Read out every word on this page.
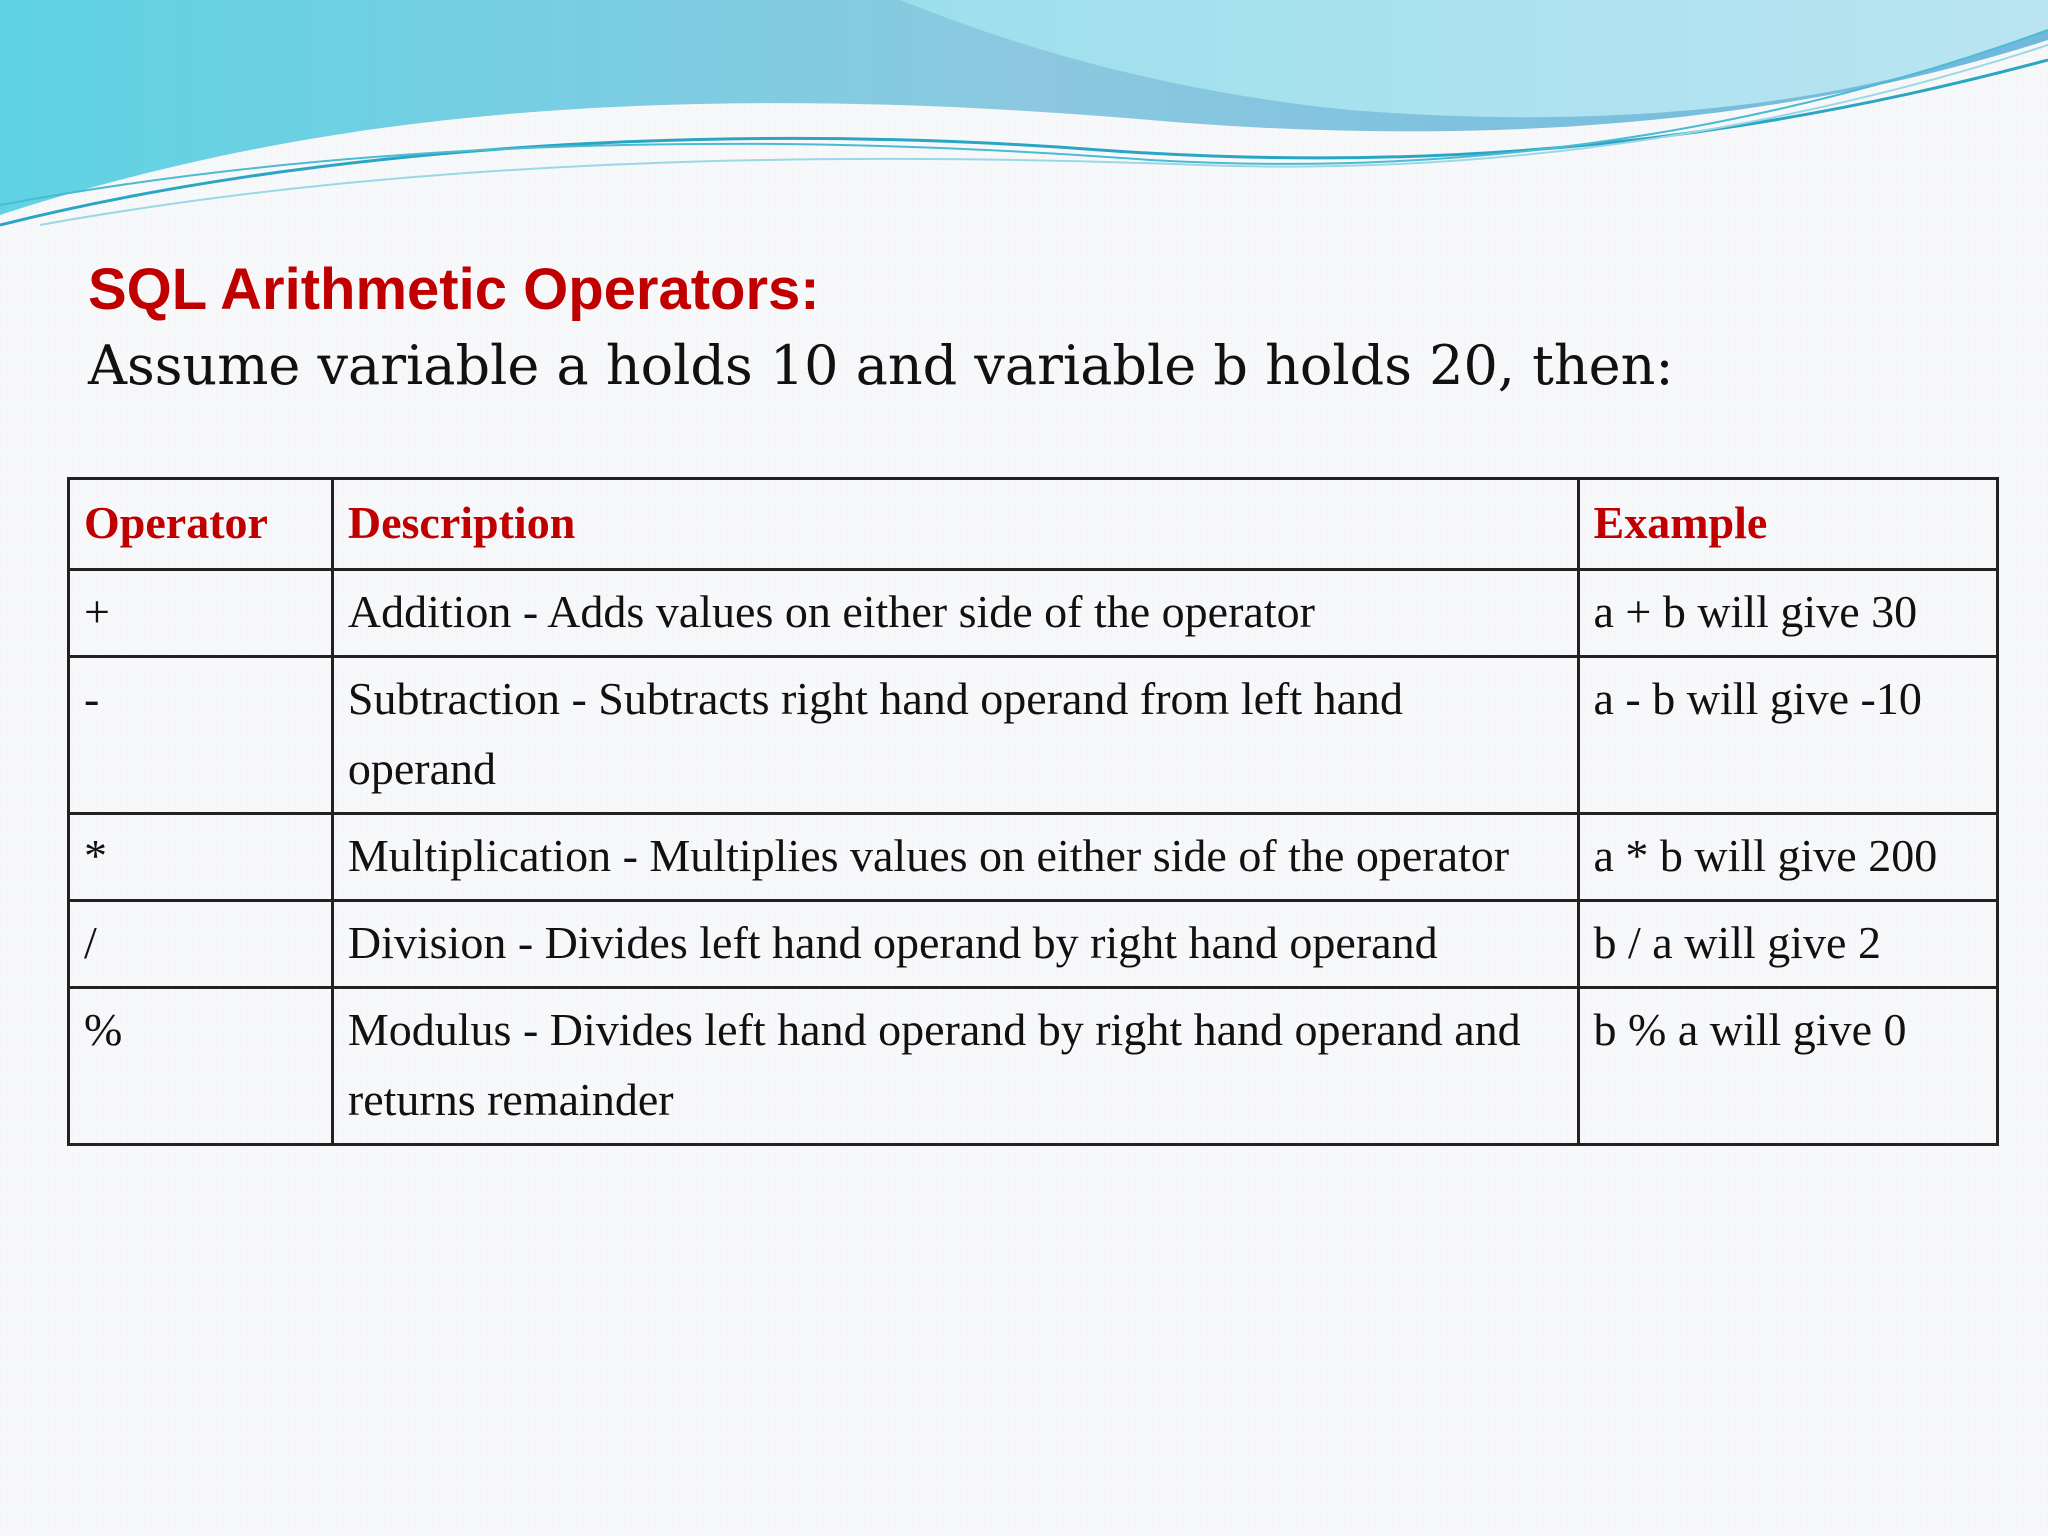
SQL Arithmetic Operators:

Assume variable a holds 10 and variable b holds 20, then:

Operator	Description	Example
+	Addition - Adds values on either side of the operator	a + b will give 30
-	Subtraction - Subtracts right hand operand from left hand operand	a - b will give -10
*	Multiplication - Multiplies values on either side of the operator	a * b will give 200
/	Division - Divides left hand operand by right hand operand	b / a will give 2
%	Modulus - Divides left hand operand by right hand operand and returns remainder	b % a will give 0
